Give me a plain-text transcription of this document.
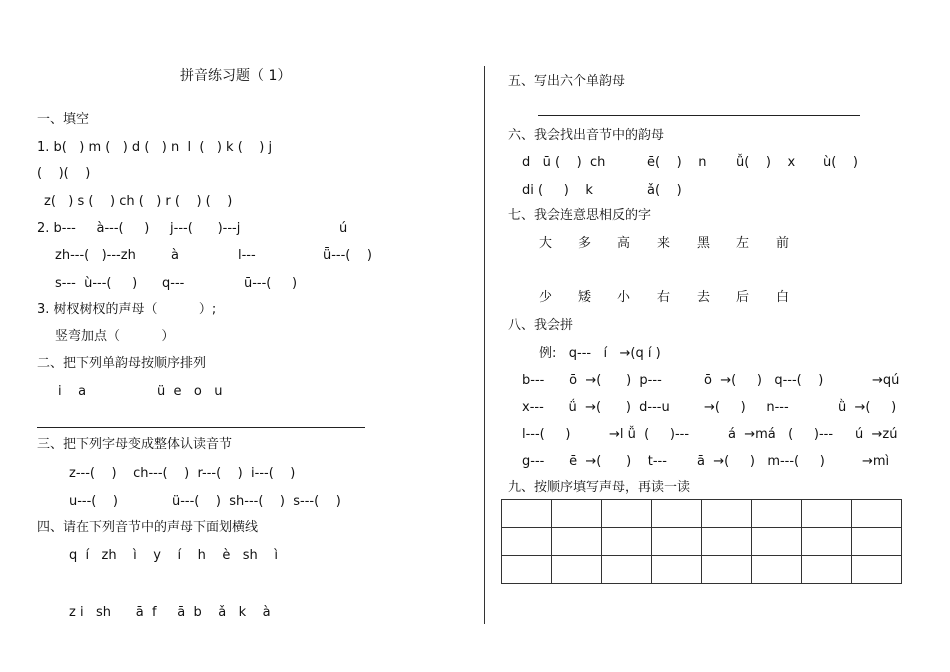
拼音练习题（ 1）
一、填空
1. b(   ) m (   ) d (   ) n  l  (   ) k (    ) j
(    )(    )
z(   ) s (    ) ch (   ) r (    ) (    )
2. b---     à---(     )     j---(      )---j	ú
zh---(   )---zh	à	l---	ǖ---(    )
s---  ù---(     )      q---	ū---(     )
3. 树杈树杈的声母（          ）;
竖弯加点（          ）
二、把下列单韵母按顺序排列
i    a	ü  e   o   u
三、把下列字母变成整体认读音节
z---(    )    ch---(    )  r---(    )  i---(    )
u---(    )	ü---(    )  sh---(    )  s---(    )
四、请在下列音节中的声母下面划横线
q  í   zh    ì    y    í    h    è   sh    ì
z i   sh      ā  f     ā  b    ǎ   k    à
五、写出六个单韵母
六、我会找出音节中的韵母
d   ū (    )  ch	ē(    )    n ǚ(    )    x ù(    )
di (     )    k	ǎ(    )
七、我会连意思相反的字
大 多 高 来 黑 左 前
少 矮 小 右 去 后 白
八、我会拼
例:   q---   í   →(q í )
b---      ō  →(      )  p---	ō  →(     )   q---(    )	→qú
x---      ǘ  →(      )  d---u	→(     )     n---	ǜ  →(     )
l---(     )	→l ǚ  (     )---	á  →má   (     )--- ú  →zú
g---      ē  →(      )    t--- ā  →(     )   m---(     )	→mì
九、按顺序填写声母，再读一读
